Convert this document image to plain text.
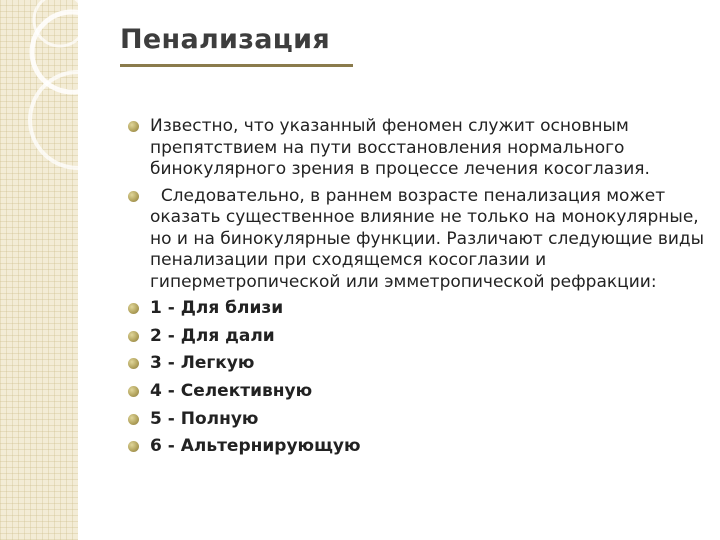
Пенализация
Известно, что указанный феномен служит основным препятствием на пути восстановления нормального бинокулярного зрения в процессе лечения косоглазия.
Следовательно, в раннем возрасте пенализация может оказать существенное влияние не только на монокулярные, но и на бинокулярные функции. Различают следующие виды пенализации при сходящемся косоглазии и гиперметропической или эмметропической рефракции:
1 - Для близи
2 - Для дали
3 - Легкую
4 - Селективную
5 - Полную
6 - Альтернирующую
